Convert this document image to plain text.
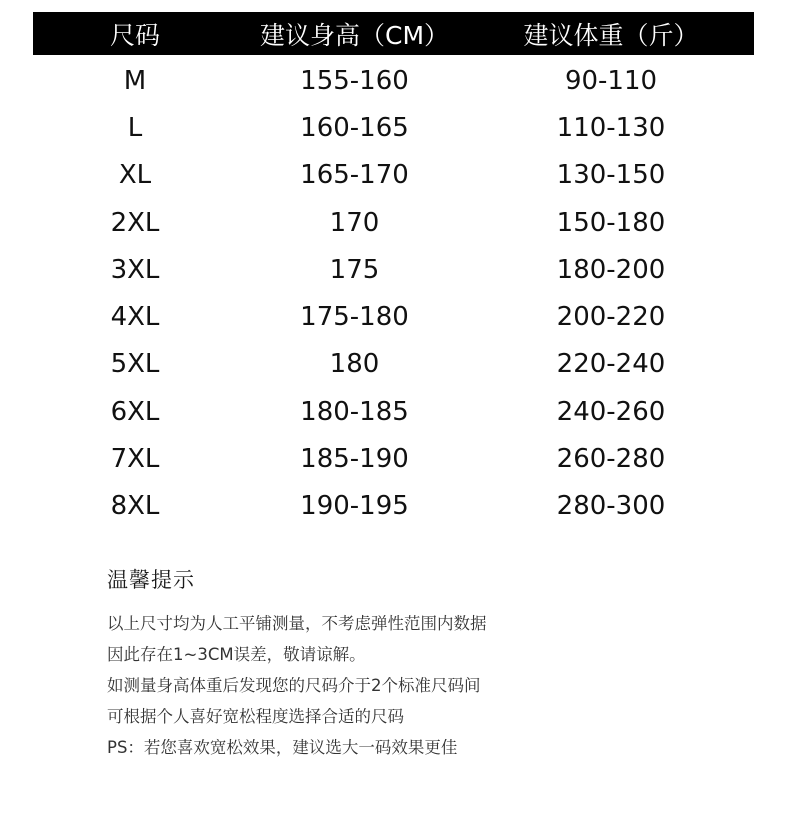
尺码	建议身高（CM）	建议体重（斤）
M	155-160	90-110
L	160-165	110-130
XL	165-170	130-150
2XL	170	150-180
3XL	175	180-200
4XL	175-180	200-220
5XL	180	220-240
6XL	180-185	240-260
7XL	185-190	260-280
8XL	190-195	280-300
温馨提示
以上尺寸均为人工平铺测量，不考虑弹性范围内数据
因此存在1~3CM误差，敬请谅解。
如测量身高体重后发现您的尺码介于2个标准尺码间
可根据个人喜好宽松程度选择合适的尺码
PS：若您喜欢宽松效果，建议选大一码效果更佳
